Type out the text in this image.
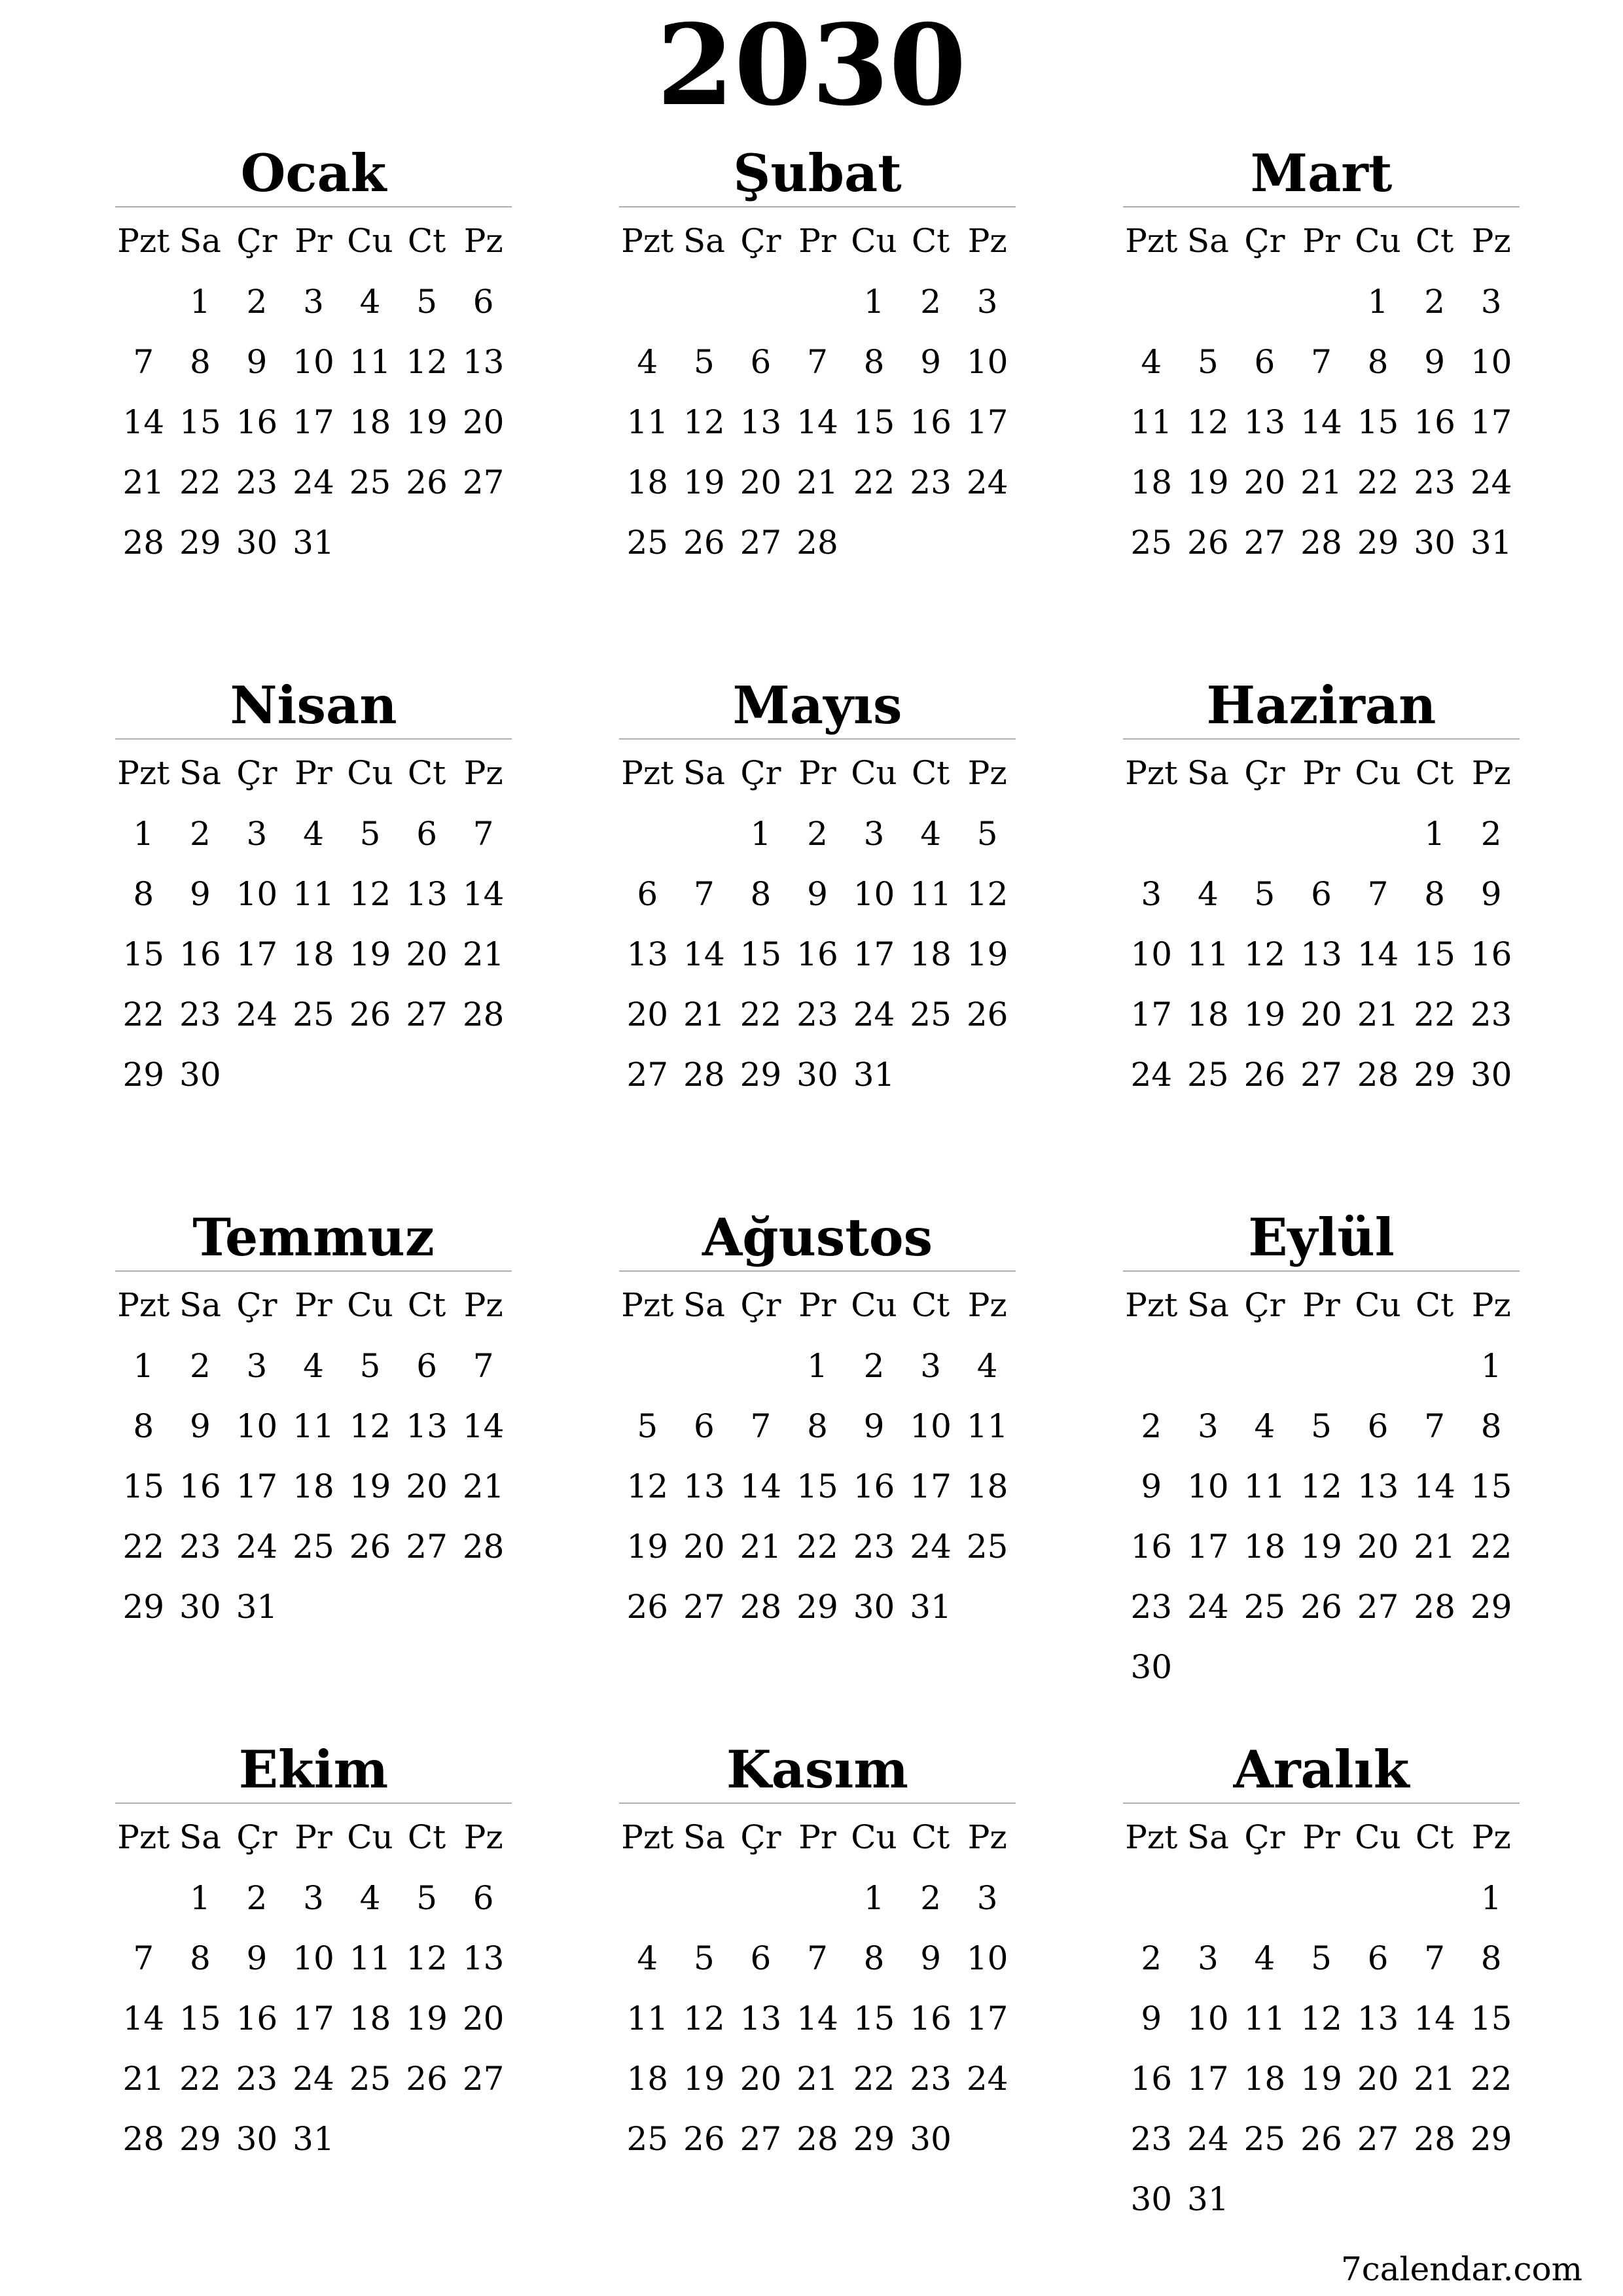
2030
Ocak
Pzt	Sa	Çr	Pr	Cu	Ct	Pz
	1	2	3	4	5	6
7	8	9	10	11	12	13
14	15	16	17	18	19	20
21	22	23	24	25	26	27
28	29	30	31			
Şubat
Pzt	Sa	Çr	Pr	Cu	Ct	Pz
				1	2	3
4	5	6	7	8	9	10
11	12	13	14	15	16	17
18	19	20	21	22	23	24
25	26	27	28			
Mart
Pzt	Sa	Çr	Pr	Cu	Ct	Pz
				1	2	3
4	5	6	7	8	9	10
11	12	13	14	15	16	17
18	19	20	21	22	23	24
25	26	27	28	29	30	31
Nisan
Pzt	Sa	Çr	Pr	Cu	Ct	Pz
1	2	3	4	5	6	7
8	9	10	11	12	13	14
15	16	17	18	19	20	21
22	23	24	25	26	27	28
29	30					
Mayıs
Pzt	Sa	Çr	Pr	Cu	Ct	Pz
		1	2	3	4	5
6	7	8	9	10	11	12
13	14	15	16	17	18	19
20	21	22	23	24	25	26
27	28	29	30	31		
Haziran
Pzt	Sa	Çr	Pr	Cu	Ct	Pz
					1	2
3	4	5	6	7	8	9
10	11	12	13	14	15	16
17	18	19	20	21	22	23
24	25	26	27	28	29	30
Temmuz
Pzt	Sa	Çr	Pr	Cu	Ct	Pz
1	2	3	4	5	6	7
8	9	10	11	12	13	14
15	16	17	18	19	20	21
22	23	24	25	26	27	28
29	30	31				
Ağustos
Pzt	Sa	Çr	Pr	Cu	Ct	Pz
			1	2	3	4
5	6	7	8	9	10	11
12	13	14	15	16	17	18
19	20	21	22	23	24	25
26	27	28	29	30	31	
Eylül
Pzt	Sa	Çr	Pr	Cu	Ct	Pz
						1
2	3	4	5	6	7	8
9	10	11	12	13	14	15
16	17	18	19	20	21	22
23	24	25	26	27	28	29
30						
Ekim
Pzt	Sa	Çr	Pr	Cu	Ct	Pz
	1	2	3	4	5	6
7	8	9	10	11	12	13
14	15	16	17	18	19	20
21	22	23	24	25	26	27
28	29	30	31			
Kasım
Pzt	Sa	Çr	Pr	Cu	Ct	Pz
				1	2	3
4	5	6	7	8	9	10
11	12	13	14	15	16	17
18	19	20	21	22	23	24
25	26	27	28	29	30	
Aralık
Pzt	Sa	Çr	Pr	Cu	Ct	Pz
						1
2	3	4	5	6	7	8
9	10	11	12	13	14	15
16	17	18	19	20	21	22
23	24	25	26	27	28	29
30	31					
7calendar.com
